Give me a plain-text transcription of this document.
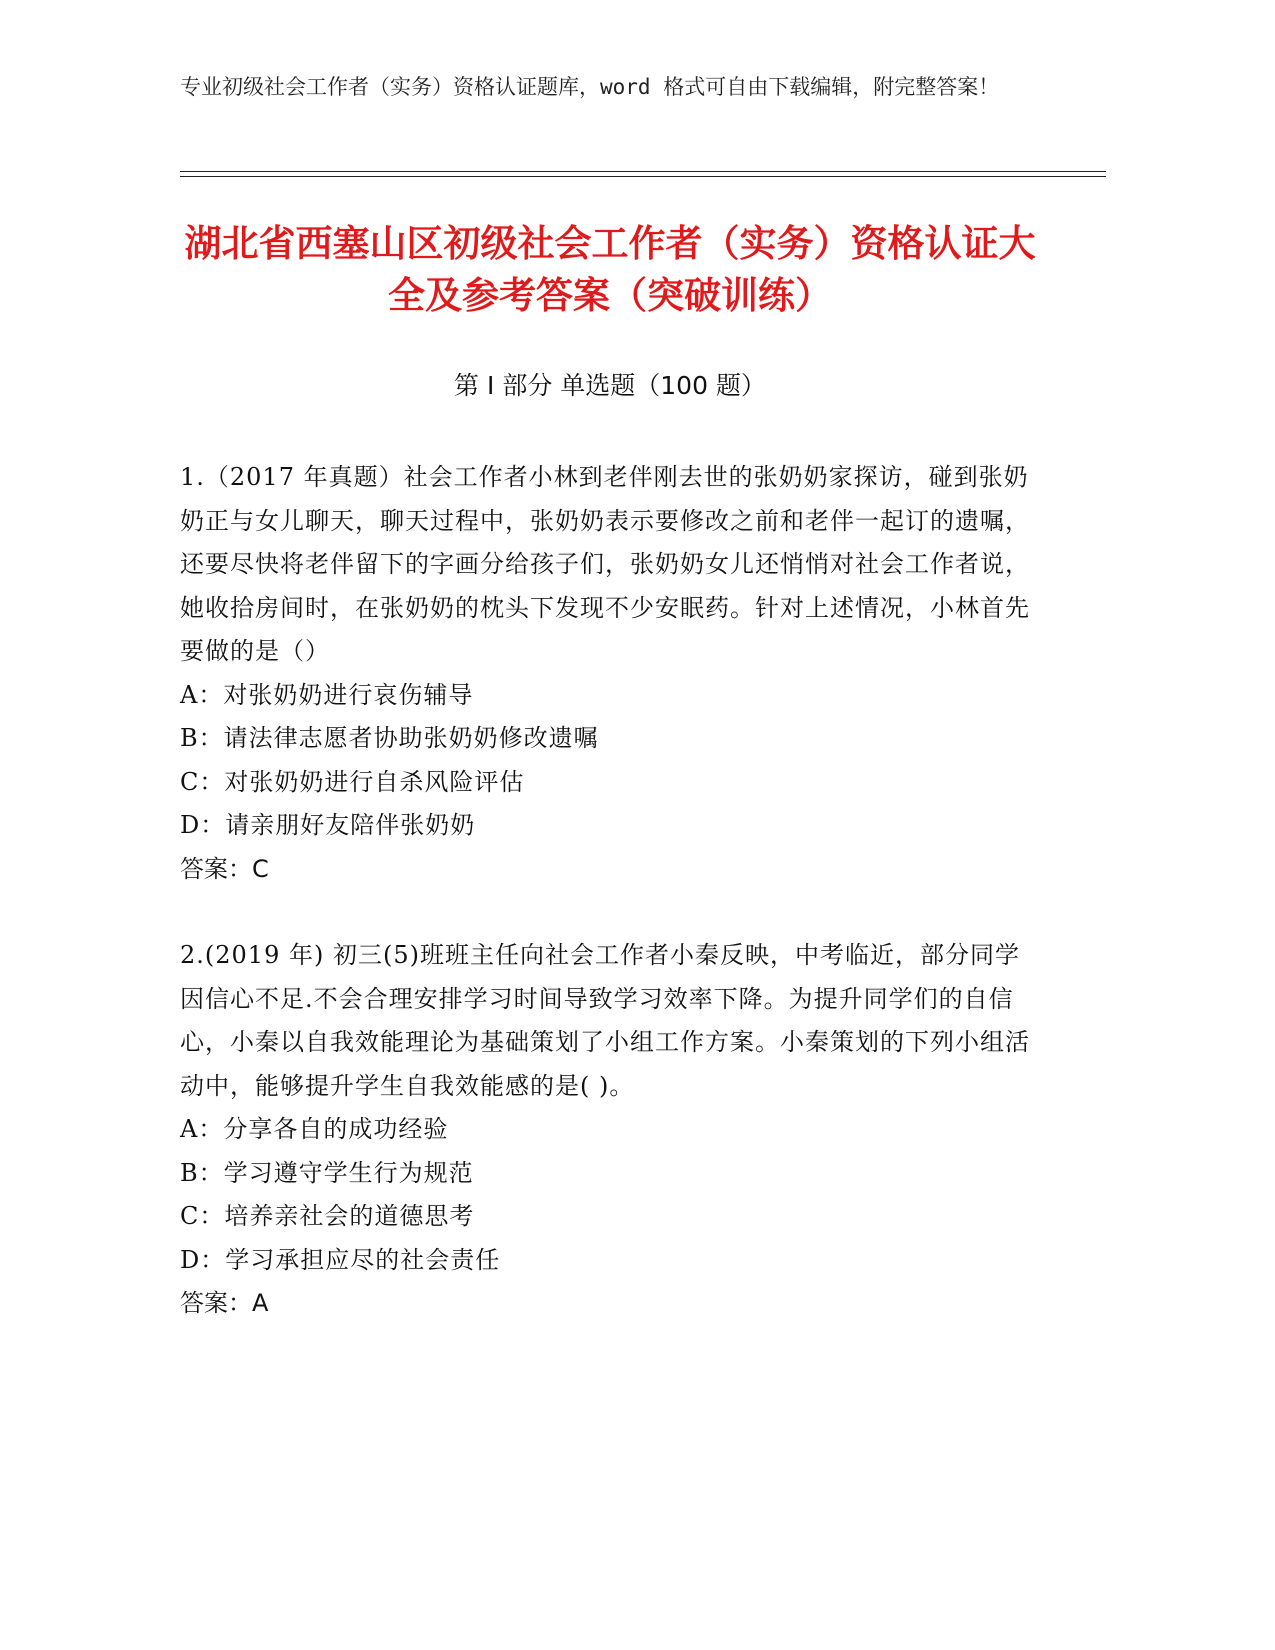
专业初级社会工作者（实务）资格认证题库，word 格式可自由下载编辑，附完整答案！
湖北省西塞山区初级社会工作者（实务）资格认证大全及参考答案（突破训练）
第 I 部分 单选题（100 题）

1.（2017 年真题）社会工作者小林到老伴刚去世的张奶奶家探访，碰到张奶奶正与女儿聊天，聊天过程中，张奶奶表示要修改之前和老伴一起订的遗嘱，还要尽快将老伴留下的字画分给孩子们，张奶奶女儿还悄悄对社会工作者说，她收拾房间时，在张奶奶的枕头下发现不少安眠药。针对上述情况，小林首先要做的是（）

A：对张奶奶进行哀伤辅导

B：请法律志愿者协助张奶奶修改遗嘱

C：对张奶奶进行自杀风险评估

D：请亲朋好友陪伴张奶奶

答案：C

2.(2019 年) 初三(5)班班主任向社会工作者小秦反映，中考临近，部分同学因信心不足.不会合理安排学习时间导致学习效率下降。为提升同学们的自信心，小秦以自我效能理论为基础策划了小组工作方案。小秦策划的下列小组活动中，能够提升学生自我效能感的是( )。

A：分享各自的成功经验

B：学习遵守学生行为规范

C：培养亲社会的道德思考

D：学习承担应尽的社会责任

答案：A
